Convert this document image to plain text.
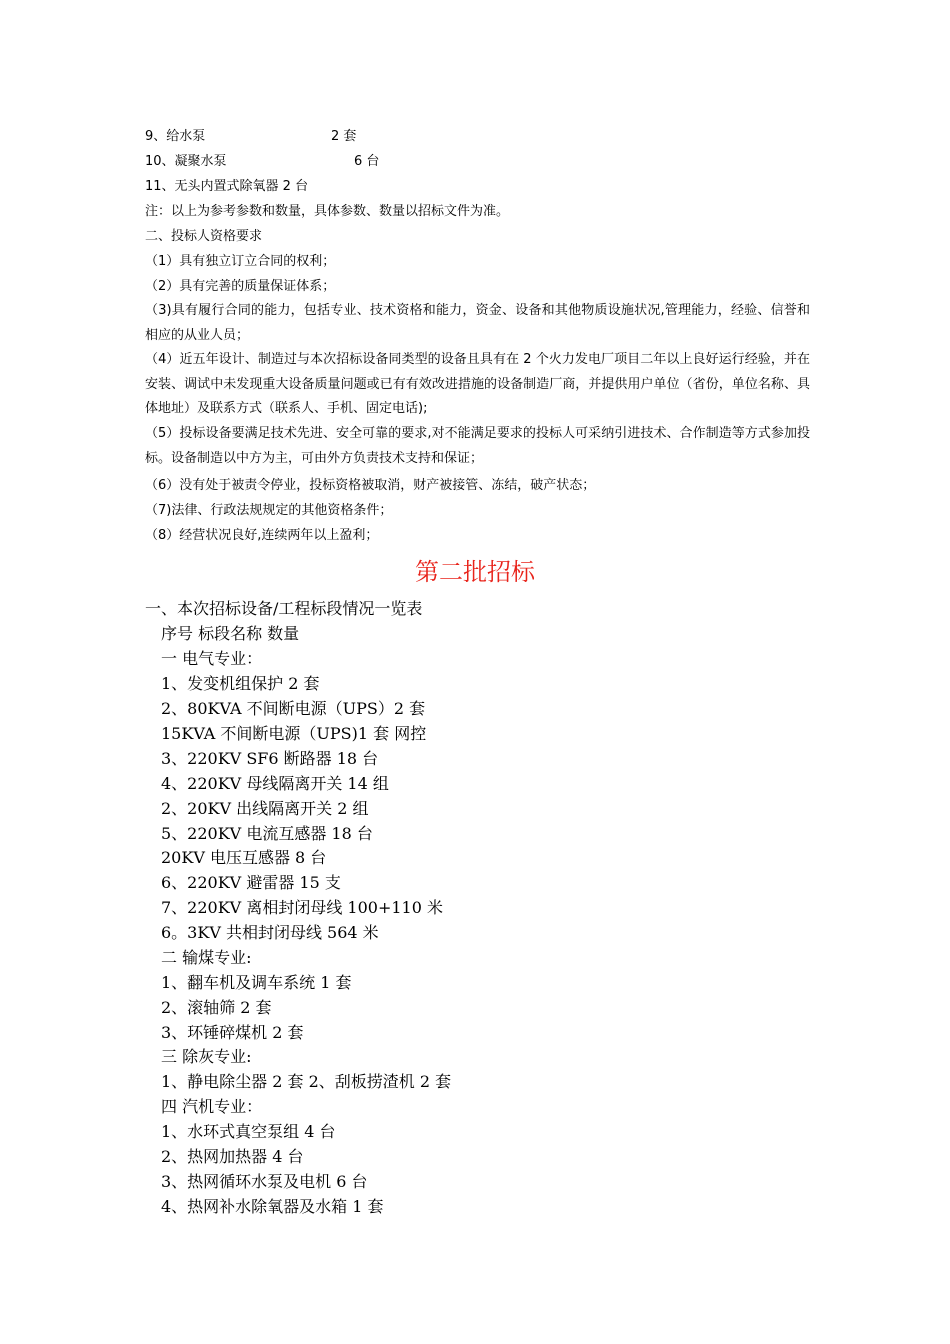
9、给水泵	2 套
10、凝聚水泵	6 台
11、无头内置式除氧器 2 台
注：以上为参考参数和数量，具体参数、数量以招标文件为准。
二、投标人资格要求
（1）具有独立订立合同的权利；
（2）具有完善的质量保证体系；
（3)具有履行合同的能力，包括专业、技术资格和能力，资金、设备和其他物质设施状况,管理能力，经验、信誉和相应的从业人员；
（4）近五年设计、制造过与本次招标设备同类型的设备且具有在 2 个火力发电厂项目二年以上良好运行经验，并在安装、调试中未发现重大设备质量问题或已有有效改进措施的设备制造厂商，并提供用户单位（省份，单位名称、具体地址）及联系方式（联系人、手机、固定电话);
（5）投标设备要满足技术先进、安全可靠的要求,对不能满足要求的投标人可采纳引进技术、合作制造等方式参加投标。设备制造以中方为主，可由外方负责技术支持和保证；
（6）没有处于被责令停业，投标资格被取消，财产被接管、冻结，破产状态；
（7)法律、行政法规规定的其他资格条件；
（8）经营状况良好,连续两年以上盈利；
第二批招标
一、本次招标设备/工程标段情况一览表
序号 标段名称 数量
一 电气专业：
1、发变机组保护 2 套
2、80KVA 不间断电源（UPS）2 套
15KVA 不间断电源（UPS)1 套 网控
3、220KV SF6 断路器 18 台
4、220KV 母线隔离开关 14 组
2、20KV 出线隔离开关 2 组
5、220KV 电流互感器 18 台
20KV 电压互感器 8 台
6、220KV 避雷器 15 支
7、220KV 离相封闭母线 100+110 米
6。3KV 共相封闭母线 564 米
二 输煤专业:
1、翻车机及调车系统 1 套
2、滚轴筛 2 套
3、环锤碎煤机 2 套
三 除灰专业:
1、静电除尘器 2 套 2、刮板捞渣机 2 套
四 汽机专业：
1、水环式真空泵组 4 台
2、热网加热器 4 台
3、热网循环水泵及电机 6 台
4、热网补水除氧器及水箱 1 套
